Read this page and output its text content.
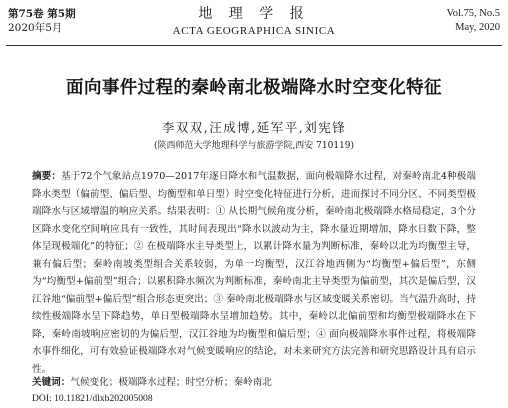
第75卷 第5期
2020年5月
地 理 学 报
ACTA GEOGRAPHICA SINICA
Vol.75, No.5
May, 2020
面向事件过程的秦岭南北极端降水时空变化特征
李双双,汪成博,延军平,刘宪锋
(陕西师范大学地理科学与旅游学院,西安 710119)
摘要：基于72个气象站点1970—2017年逐日降水和气温数据，面向极端降水过程，对秦岭南北4种极端降水类型（偏前型、偏后型、均衡型和单日型）时空变化特征进行分析，进而探讨不同分区、不同类型极端降水与区域增温的响应关系。结果表明：① 从长期气候角度分析，秦岭南北极端降水格局稳定，3个分区降水变化空间响应具有一致性，其时间表现出“降水以波动为主，降水量近期增加，降水日数下降，整体呈现极端化”的特征；② 在极端降水主导类型上，以累计降水量为判断标准，秦岭以北为均衡型主导，兼有偏后型；秦岭南坡类型组合关系较弱，为单一均衡型，汉江谷地西侧为“均衡型+偏后型”，东侧为“均衡型+偏前型”组合；以累积降水频次为判断标准，秦岭南北主导类型为偏前型，其次是偏后型，汉江谷地“偏前型+偏后型”组合形态更突出；③ 秦岭南北极端降水与区域变暖关系密切。当气温升高时，持续性极端降水呈下降趋势，单日型极端降水呈增加趋势。其中，秦岭以北偏前型和均衡型极端降水在下降，秦岭南坡响应密切的为偏后型，汉江谷地为均衡型和偏后型；④ 面向极端降水事件过程，将极端降水事件细化，可有效验证极端降水对气候变暖响应的结论，对未来研究方法完善和研究思路设计具有启示性。
关键词：气候变化；极端降水过程；时空分析；秦岭南北
DOI: 10.11821/dlxb202005008
